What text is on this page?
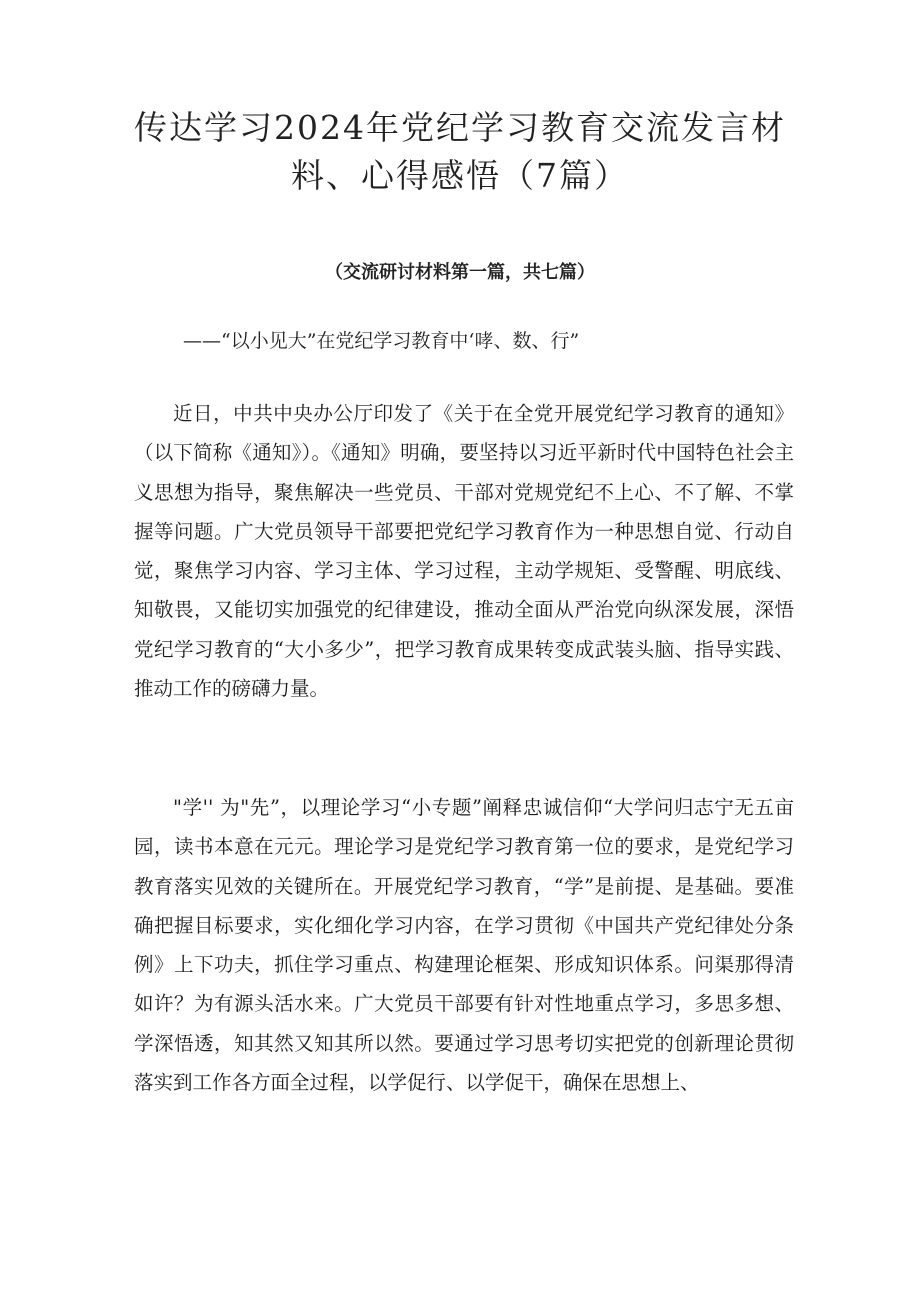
传达学习2024年党纪学习教育交流发言材
料、心得感悟（7篇）
（交流研讨材料第一篇，共七篇）
——“以小见大”在党纪学习教育中‘哮、数、行”

近日，中共中央办公厅印发了《关于在全党开展党纪学习教育的通知》（以下简称《通知》）。《通知》明确，要坚持以习近平新时代中国特色社会主义思想为指导，聚焦解决一些党员、干部对党规党纪不上心、不了解、不掌握等问题。广大党员领导干部要把党纪学习教育作为一种思想自觉、行动自觉，聚焦学习内容、学习主体、学习过程，主动学规矩、受警醒、明底线、知敬畏，又能切实加强党的纪律建设，推动全面从严治党向纵深发展，深悟党纪学习教育的“大小多少”，把学习教育成果转变成武装头脑、指导实践、推动工作的磅礴力量。

"学'' 为"先”，以理论学习“小专题”阐释忠诚信仰“大学问归志宁无五亩园，读书本意在元元。理论学习是党纪学习教育第一位的要求，是党纪学习教育落实见效的关键所在。开展党纪学习教育，“学”是前提、是基础。要准确把握目标要求，实化细化学习内容，在学习贯彻《中国共产党纪律处分条例》上下功夫，抓住学习重点、构建理论框架、形成知识体系。问渠那得清如许？为有源头活水来。广大党员干部要有针对性地重点学习，多思多想、学深悟透，知其然又知其所以然。要通过学习思考切实把党的创新理论贯彻落实到工作各方面全过程，以学促行、以学促干，确保在思想上、
